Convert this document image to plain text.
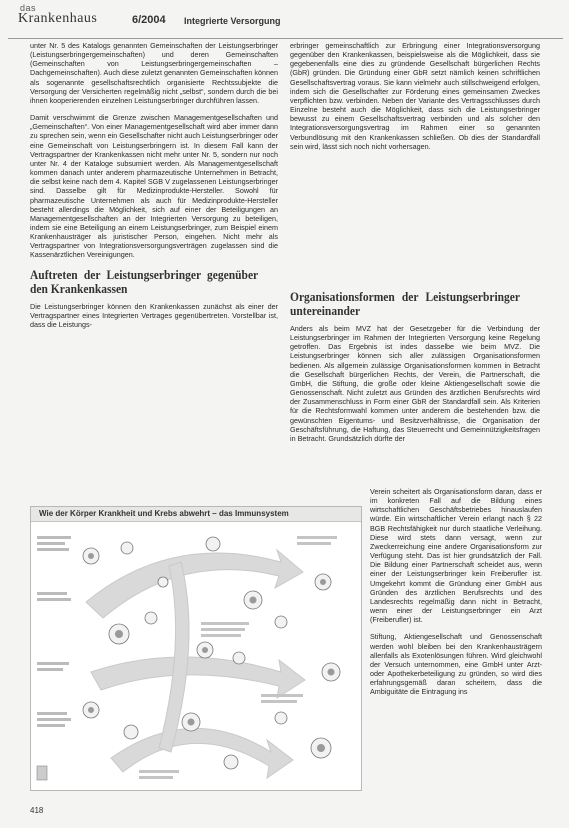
das
Krankenhaus	6/2004 Integrierte Versorgung

unter Nr. 5 des Katalogs genannten Gemeinschaften der Leistungserbringer (Leistungserbringergemeinschaften) und deren Gemeinschaften (Gemeinschaften von Leistungserbringergemeinschaften – Dachgemeinschaften). Auch diese zuletzt genannten Gemeinschaften können als sogenannte gesellschaftsrechtlich organisierte Rechtssubjekte die Versorgung der Versicherten regelmäßig nicht „selbst“, sondern durch die bei ihnen kooperierenden einzelnen Leistungserbringer durchführen lassen.

Damit verschwimmt die Grenze zwischen Managementgesellschaften und „Gemeinschaften“. Von einer Managementgesellschaft wird aber immer dann zu sprechen sein, wenn ein Gesellschafter nicht auch Leistungserbringer oder eine Gemeinschaft von Leistungserbringern ist. In diesem Fall kann der Vertragspartner der Krankenkassen nicht mehr unter Nr. 5, sondern nur noch unter Nr. 4 der Kataloge subsumiert werden. Als Managementgesellschaft kommen danach unter anderem pharmazeutische Unternehmen in Betracht, die selbst keine nach dem 4. Kapitel SGB V zugelassenen Leistungserbringer sind. Dasselbe gilt für Medizinprodukte-Hersteller. Sowohl für pharmazeutische Unternehmen als auch für Medizinprodukte-Hersteller besteht allerdings die Möglichkeit, sich auf einer der Beteiligungen an Managementgesellschaften an der Integrierten Versorgung zu beteiligen, indem sie eine Beteiligung an einem Leistungserbringer, zum Beispiel einem Krankenhausträger als juristischer Person, eingehen. Nicht mehr als Vertragspartner von Integrationsversorgungsverträgen zugelassen sind die Kassenärztlichen Vereinigungen.

Auftreten der Leistungserbringer gegenüber den Krankenkassen

Die Leistungserbringer können den Krankenkassen zunächst als einer der Vertragspartner eines Integrierten Vertrages gegenübertreten. Vorstellbar ist, dass die Leistungs-

erbringer gemeinschaftlich zur Erbringung einer Integrationsversorgung gegenüber den Krankenkassen, beispielsweise als die Möglichkeit, dass sie gegebenenfalls eine dies zu gründende Gesellschaft bürgerlichen Rechts (GbR) gründen. Die Gründung einer GbR setzt nämlich keinen schriftlichen Gesellschaftsvertrag voraus. Sie kann vielmehr auch stillschweigend erfolgen, indem sich die Gesellschafter zur Förderung eines gemeinsamen Zweckes verpflichten bzw. verbinden. Neben der Variante des Vertragsschlusses durch Einzelne besteht auch die Möglichkeit, dass sich die Leistungserbringer bewusst zu einem Gesellschaftsvertrag verbinden und als solcher den Integrationsversorgungsvertrag im Rahmen einer so genannten Verbundlösung mit den Krankenkassen schließen. Ob dies der Standardfall sein wird, lässt sich noch nicht vorhersagen.

Organisationsformen der Leistungserbringer untereinander

Anders als beim MVZ hat der Gesetzgeber für die Verbindung der Leistungserbringer im Rahmen der Integrierten Versorgung keine Regelung getroffen. Das Ergebnis ist indes dasselbe wie beim MVZ. Die Leistungserbringer können sich aller zulässigen Organisationsformen bedienen. Als allgemein zulässige Organisationsformen kommen in Betracht die Gesellschaft bürgerlichen Rechts, der Verein, die Partnerschaft, die GmbH, die Stiftung, die große oder kleine Aktiengesellschaft sowie die Genossenschaft. Nicht zuletzt aus Gründen des ärztlichen Berufsrechts wird der Zusammenschluss in Form einer GbR der Standardfall sein. Als Kriterien für die Rechtsformwahl kommen unter anderem die bestehenden bzw. die gewünschten Eigentums- und Besitzverhältnisse, die Organisation der Geschäftsführung, die Haftung, das Steuerrecht und Gemeinnützigkeitsfragen in Betracht. Grundsätzlich dürfte der

Verein scheitert als Organisationsform daran, dass er im konkreten Fall auf die Bildung eines wirtschaftlichen Geschäftsbetriebes hinauslaufen würde. Ein wirtschaftlicher Verein erlangt nach § 22 BGB Rechtsfähigkeit nur durch staatliche Verleihung. Diese wird stets dann versagt, wenn zur Zweckerreichung eine andere Organisationsform zur Verfügung steht. Das ist hier grundsätzlich der Fall. Die Bildung einer Partnerschaft scheidet aus, wenn einer der Leistungserbringer kein Freiberufler ist. Umgekehrt kommt die Gründung einer GmbH aus Gründen des ärztlichen Berufsrechts und des Landesrechts regelmäßig dann nicht in Betracht, wenn einer der Leistungserbringer ein Arzt (Freiberufler) ist.

Stiftung, Aktiengesellschaft und Genossenschaft werden wohl bleiben bei den Krankenhausträgern allenfalls als Exotenlösungen führen. Wird gleichwohl der Versuch unternommen, eine GmbH unter Arzt- oder Apothekerbeteiligung zu gründen, so wird dies erfahrungsgemäß daran scheitern, dass die Ambiguitäte die Eintragung ins

Wie der Körper Krankheit und Krebs abwehrt – das Immunsystem
418
